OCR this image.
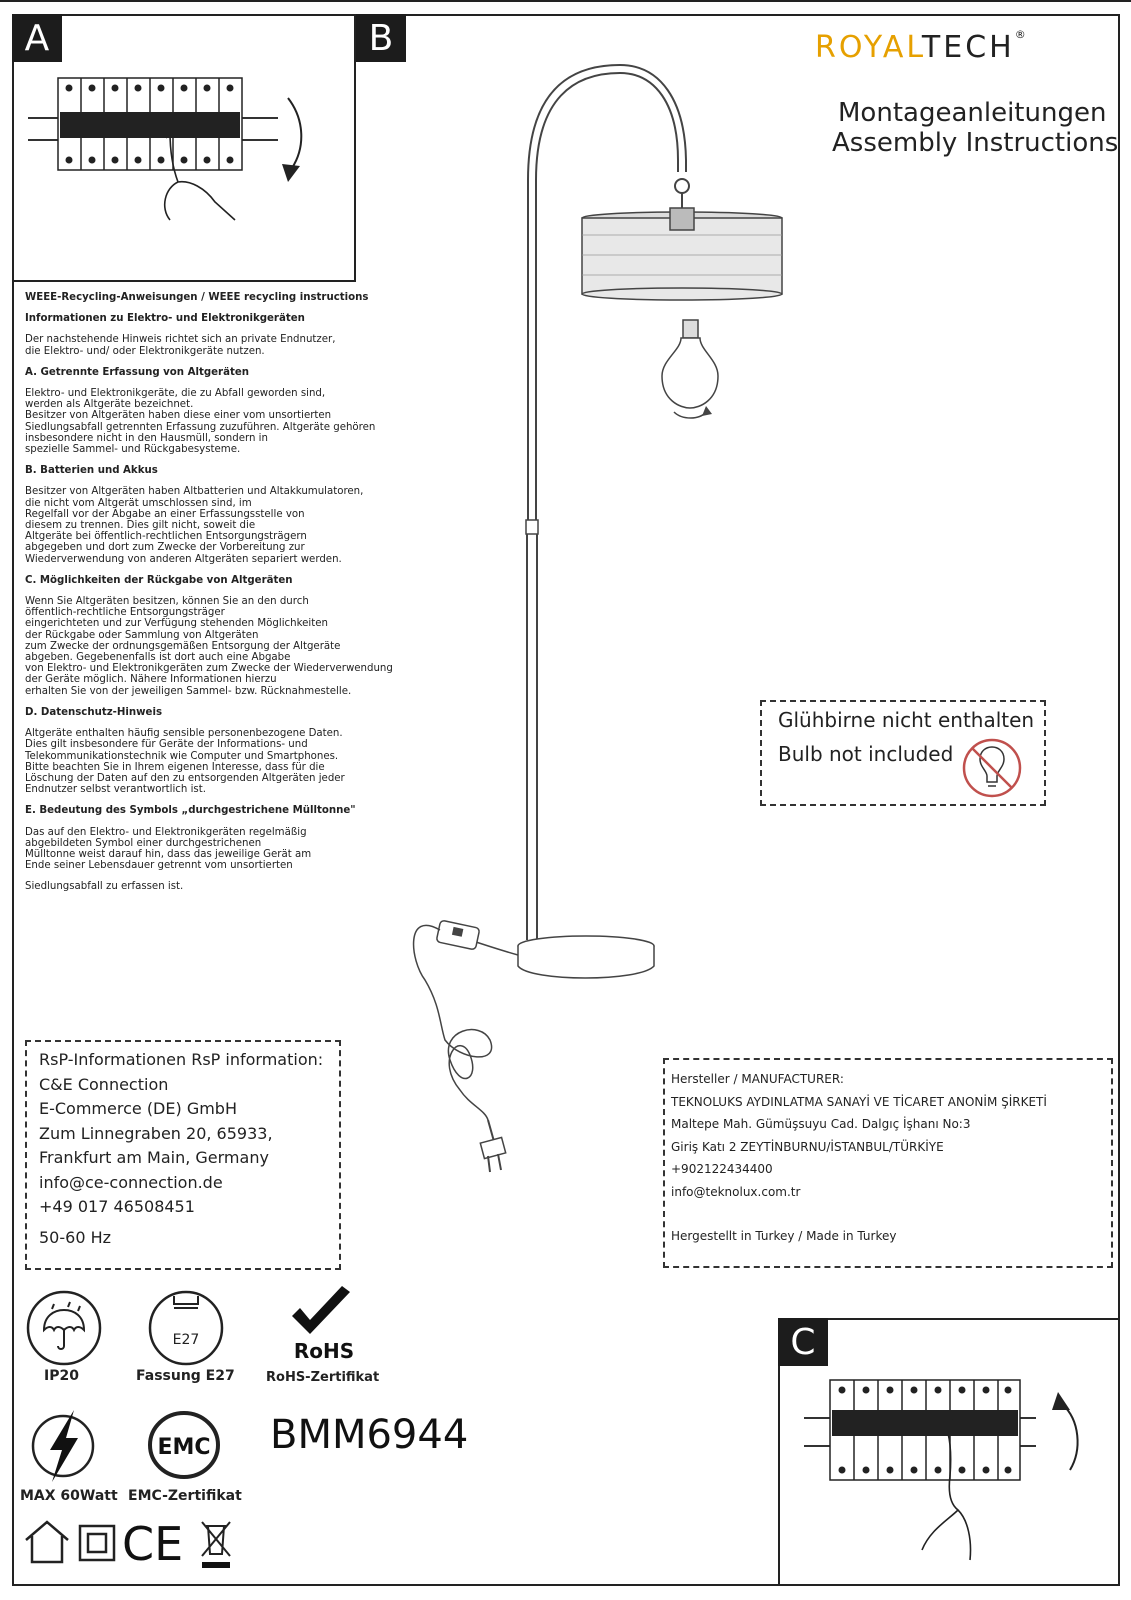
A	B	ROYALTECH®
Montageanleitungen
Assembly Instructions
WEEE-Recycling-Anweisungen / WEEE recycling instructions
Informationen zu Elektro- und Elektronikgeräten
Der nachstehende Hinweis richtet sich an private Endnutzer,
die Elektro- und/ oder Elektronikgeräte nutzen.
A. Getrennte Erfassung von Altgeräten
Elektro- und Elektronikgeräte, die zu Abfall geworden sind,
werden als Altgeräte bezeichnet.
Besitzer von Altgeräten haben diese einer vom unsortierten
Siedlungsabfall getrennten Erfassung zuzuführen. Altgeräte gehören
insbesondere nicht in den Hausmüll, sondern in
spezielle Sammel- und Rückgabesysteme.
B. Batterien und Akkus
Besitzer von Altgeräten haben Altbatterien und Altakkumulatoren,
die nicht vom Altgerät umschlossen sind, im
Regelfall vor der Abgabe an einer Erfassungsstelle von
diesem zu trennen. Dies gilt nicht, soweit die
Altgeräte bei öffentlich-rechtlichen Entsorgungsträgern
abgegeben und dort zum Zwecke der Vorbereitung zur
Wiederverwendung von anderen Altgeräten separiert werden.
C. Möglichkeiten der Rückgabe von Altgeräten
Wenn Sie Altgeräten besitzen, können Sie an den durch
öffentlich-rechtliche Entsorgungsträger
eingerichteten und zur Verfügung stehenden Möglichkeiten
der Rückgabe oder Sammlung von Altgeräten
zum Zwecke der ordnungsgemäßen Entsorgung der Altgeräte
abgeben. Gegebenenfalls ist dort auch eine Abgabe
von Elektro- und Elektronikgeräten zum Zwecke der Wiederverwendung
der Geräte möglich. Nähere Informationen hierzu
erhalten Sie von der jeweiligen Sammel- bzw. Rücknahmestelle.
D. Datenschutz-Hinweis
Altgeräte enthalten häufig sensible personenbezogene Daten.
Dies gilt insbesondere für Geräte der Informations- und
Telekommunikationstechnik wie Computer und Smartphones.
Bitte beachten Sie in Ihrem eigenen Interesse, dass für die
Löschung der Daten auf den zu entsorgenden Altgeräten jeder
Endnutzer selbst verantwortlich ist.
E. Bedeutung des Symbols „durchgestrichene Mülltonne"
Das auf den Elektro- und Elektronikgeräten regelmäßig
abgebildeten Symbol einer durchgestrichenen
Mülltonne weist darauf hin, dass das jeweilige Gerät am
Ende seiner Lebensdauer getrennt vom unsortierten
Siedlungsabfall zu erfassen ist.
Glühbirne nicht enthalten
Bulb not included
RsP-Informationen RsP information:
C&E Connection
E-Commerce (DE) GmbH
Zum Linnegraben 20, 65933,
Frankfurt am Main, Germany
info@ce-connection.de
+49 017 46508451
50-60 Hz
Hersteller / MANUFACTURER:
TEKNOLUKS AYDINLATMA SANAYİ VE TİCARET ANONİM ŞİRKETİ
Maltepe Mah. Gümüşsuyu Cad. Dalgıç İşhanı No:3
Giriş Katı 2 ZEYTİNBURNU/İSTANBUL/TÜRKİYE
+902122434400
info@teknolux.com.tr
Hergestellt in Turkey / Made in Turkey
IP20
E27
Fassung E27
RoHS
RoHS-Zertifikat
MAX 60Watt
EMC
EMC-Zertifikat
BMM6944
CE
C
